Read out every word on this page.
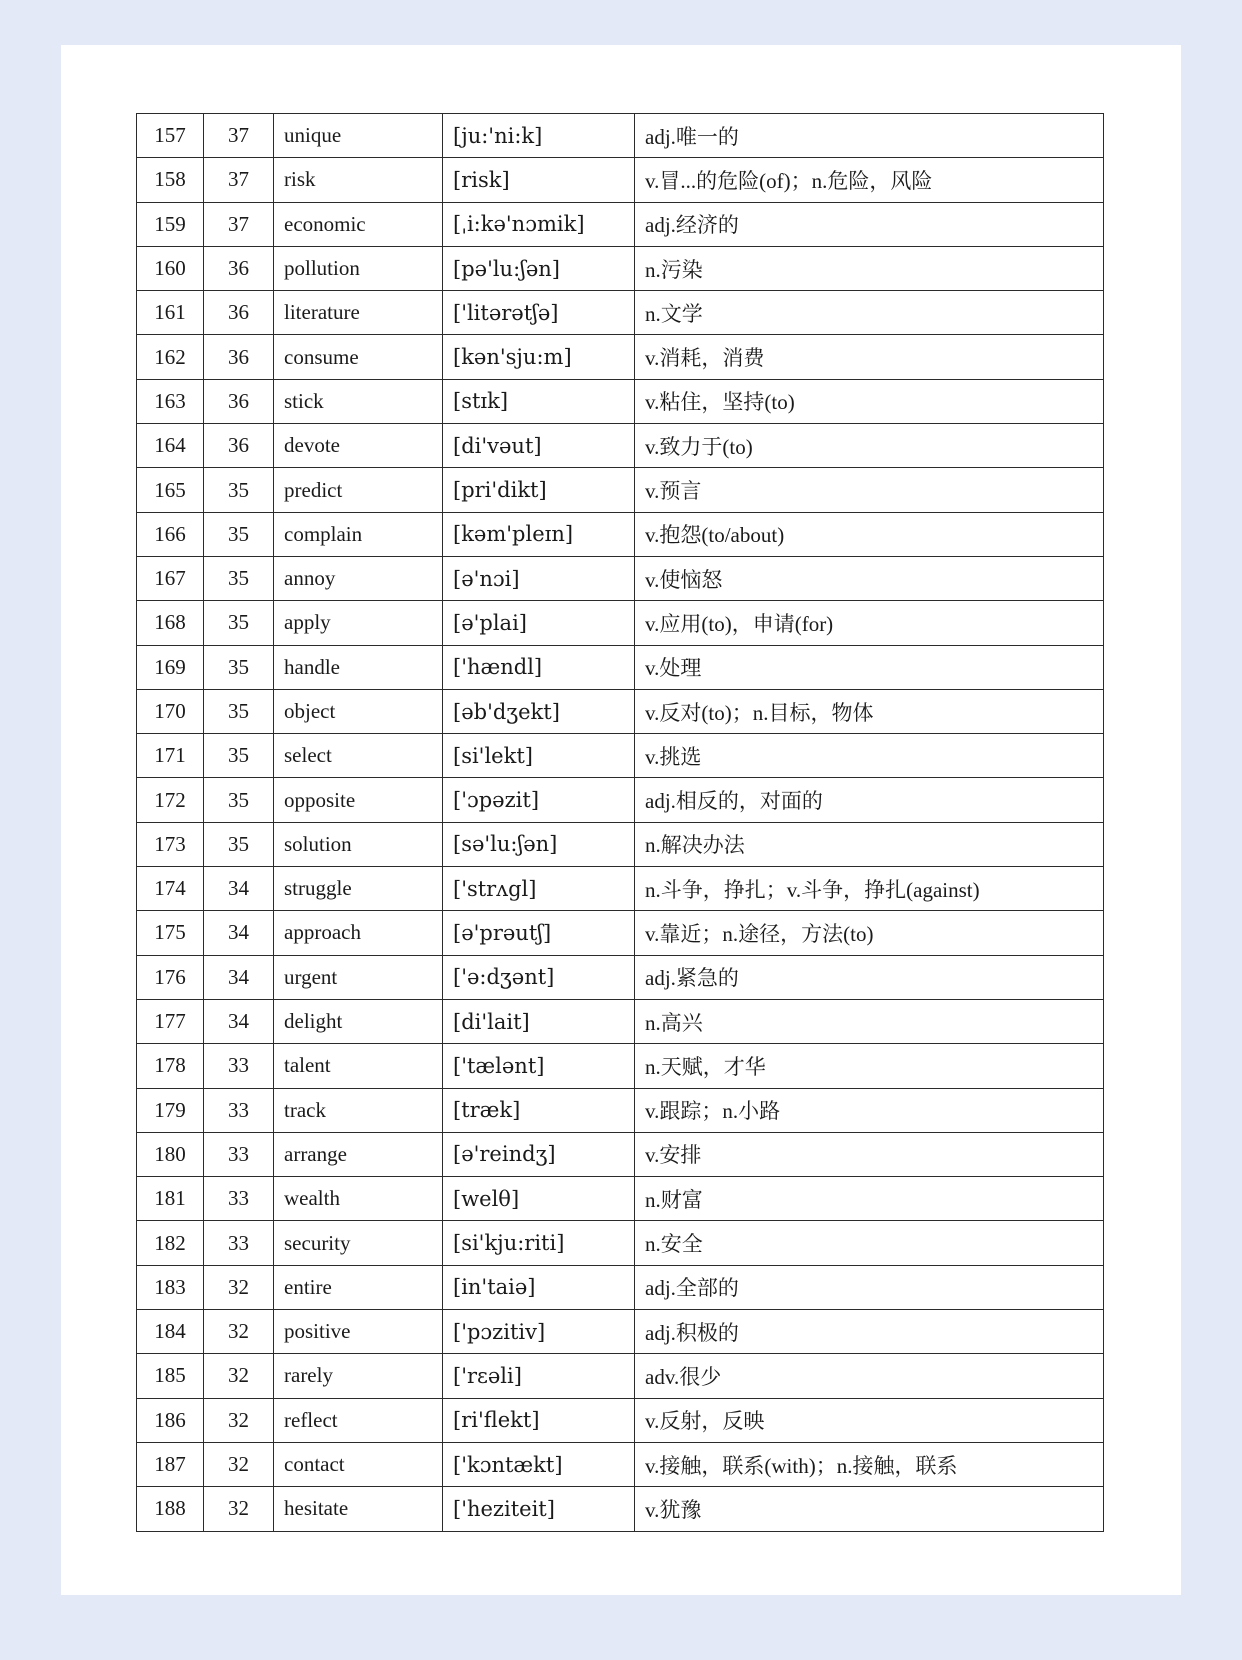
157	37	unique	[ju:'ni:k]	adj.唯一的
158	37	risk	[risk]	v.冒...的危险(of)；n.危险，风险
159	37	economic	[ˌi:kə'nɔmik]	adj.经济的
160	36	pollution	[pə'lu:ʃən]	n.污染
161	36	literature	['litərətʃə]	n.文学
162	36	consume	[kən'sju:m]	v.消耗，消费
163	36	stick	[stɪk]	v.粘住，坚持(to)
164	36	devote	[di'vəut]	v.致力于(to)
165	35	predict	[pri'dikt]	v.预言
166	35	complain	[kəm'pleɪn]	v.抱怨(to/about)
167	35	annoy	[ə'nɔi]	v.使恼怒
168	35	apply	[ə'plai]	v.应用(to)，申请(for)
169	35	handle	['hændl]	v.处理
170	35	object	[əb'dʒekt]	v.反对(to)；n.目标，物体
171	35	select	[si'lekt]	v.挑选
172	35	opposite	['ɔpəzit]	adj.相反的，对面的
173	35	solution	[sə'lu:ʃən]	n.解决办法
174	34	struggle	['strʌgl]	n.斗争，挣扎；v.斗争，挣扎(against)
175	34	approach	[ə'prəutʃ]	v.靠近；n.途径，方法(to)
176	34	urgent	['ə:dʒənt]	adj.紧急的
177	34	delight	[di'lait]	n.高兴
178	33	talent	['tælənt]	n.天赋，才华
179	33	track	[træk]	v.跟踪；n.小路
180	33	arrange	[ə'reindʒ]	v.安排
181	33	wealth	[welθ]	n.财富
182	33	security	[si'kju:riti]	n.安全
183	32	entire	[in'taiə]	adj.全部的
184	32	positive	['pɔzitiv]	adj.积极的
185	32	rarely	['rɛəli]	adv.很少
186	32	reflect	[ri'flekt]	v.反射，反映
187	32	contact	['kɔntækt]	v.接触，联系(with)；n.接触，联系
188	32	hesitate	['heziteit]	v.犹豫
